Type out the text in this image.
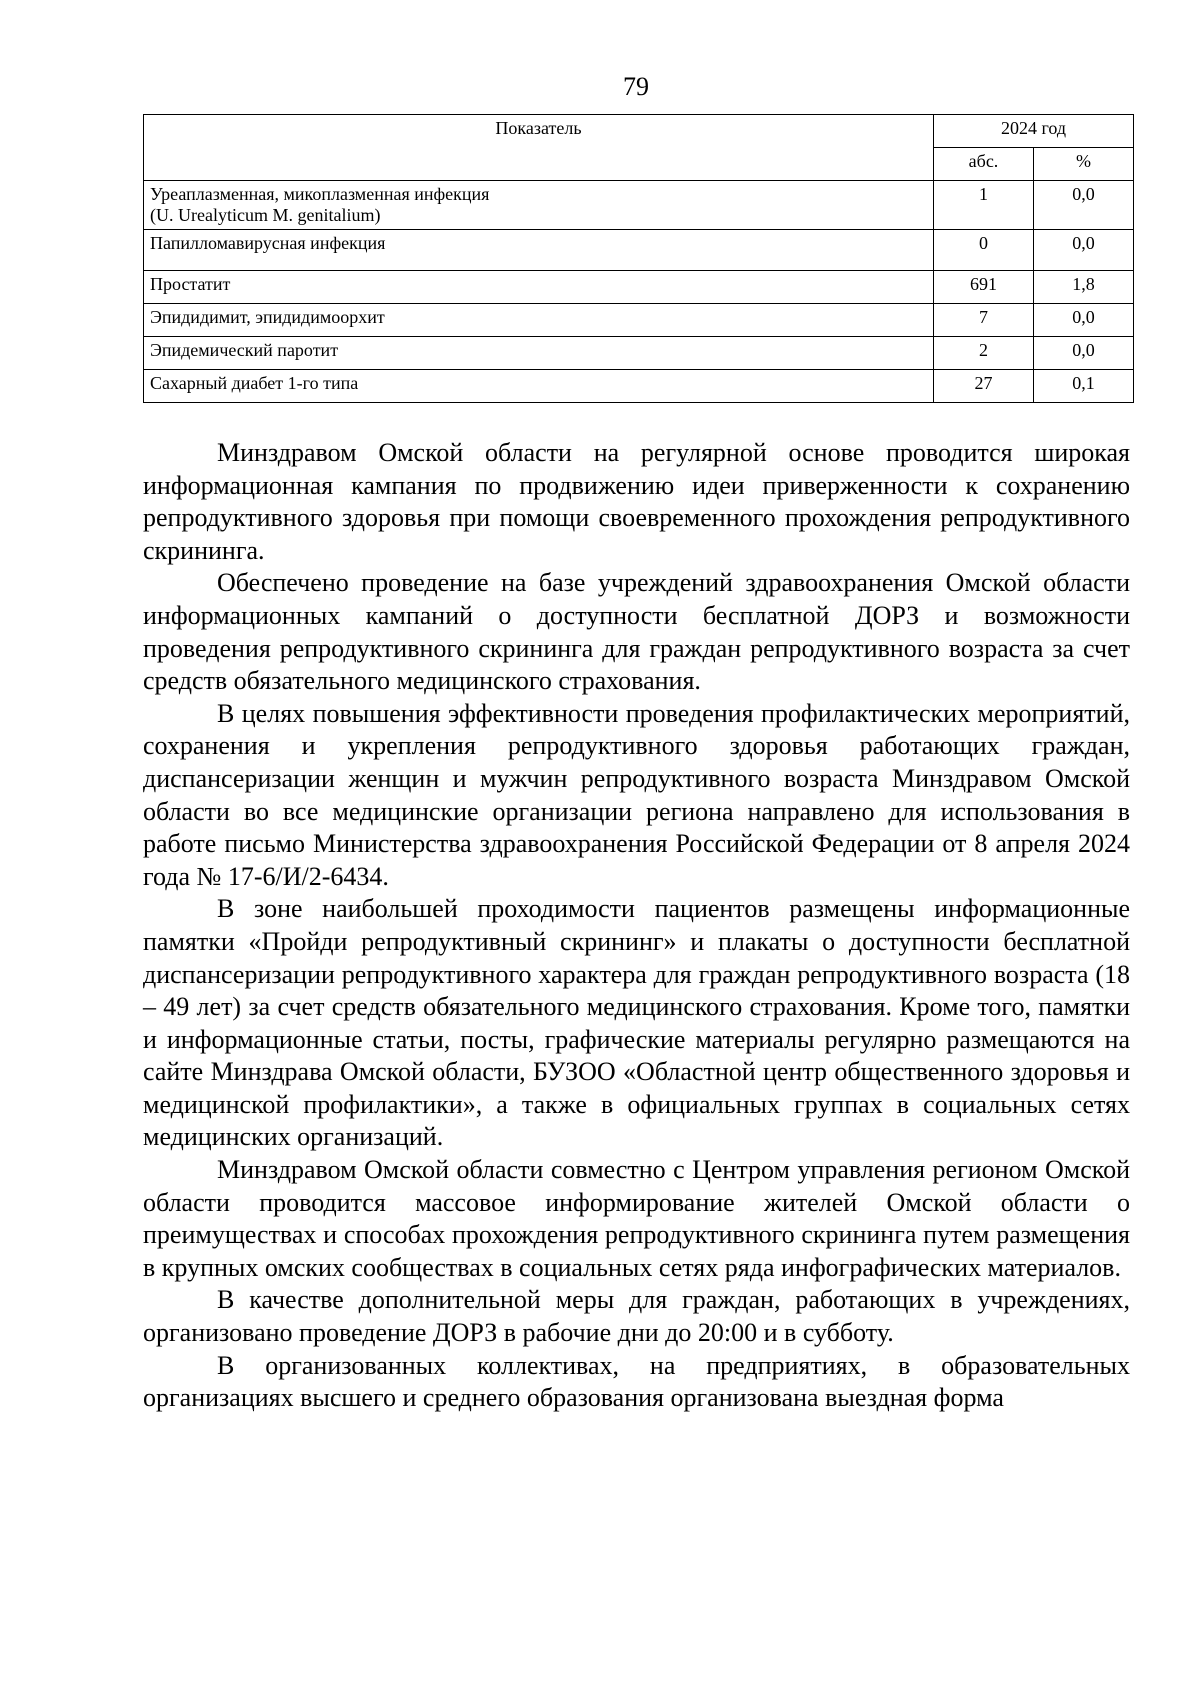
79
Показатель	2024 год	
	абс.	%
Уреаплазменная, микоплазменная инфекция
(U. Urealyticum M. genitalium)	1	0,0
Папилломавирусная инфекция	0	0,0
Простатит	691	1,8
Эпидидимит, эпидидимоорхит	7	0,0
Эпидемический паротит	2	0,0
Сахарный диабет 1-го типа	27	0,1

Минздравом Омской области на регулярной основе проводится широкая информационная кампания по продвижению идеи приверженности к сохранению репродуктивного здоровья при помощи своевременного прохождения репродуктивного скрининга.

Обеспечено проведение на базе учреждений здравоохранения Омской области информационных кампаний о доступности бесплатной ДОРЗ и возможности проведения репродуктивного скрининга для граждан репродуктивного возраста за счет средств обязательного медицинского страхования.

В целях повышения эффективности проведения профилактических мероприятий, сохранения и укрепления репродуктивного здоровья работающих граждан, диспансеризации женщин и мужчин репродуктивного возраста Минздравом Омской области во все медицинские организации региона направлено для использования в работе письмо Министерства здравоохранения Российской Федерации от 8 апреля 2024 года № 17-6/И/2-6434.

В зоне наибольшей проходимости пациентов размещены информационные памятки «Пройди репродуктивный скрининг» и плакаты о доступности бесплатной диспансеризации репродуктивного характера для граждан репродуктивного возраста (18 – 49 лет) за счет средств обязательного медицинского страхования. Кроме того, памятки и информационные статьи, посты, графические материалы регулярно размещаются на сайте Минздрава Омской области, БУЗОО «Областной центр общественного здоровья и медицинской профилактики», а также в официальных группах в социальных сетях медицинских организаций.

Минздравом Омской области совместно с Центром управления регионом Омской области проводится массовое информирование жителей Омской области о преимуществах и способах прохождения репродуктивного скрининга путем размещения в крупных омских сообществах в социальных сетях ряда инфографических материалов.

В качестве дополнительной меры для граждан, работающих в учреждениях, организовано проведение ДОРЗ в рабочие дни до 20:00 и в субботу.

В организованных коллективах, на предприятиях, в образовательных организациях высшего и среднего образования организована выездная форма
